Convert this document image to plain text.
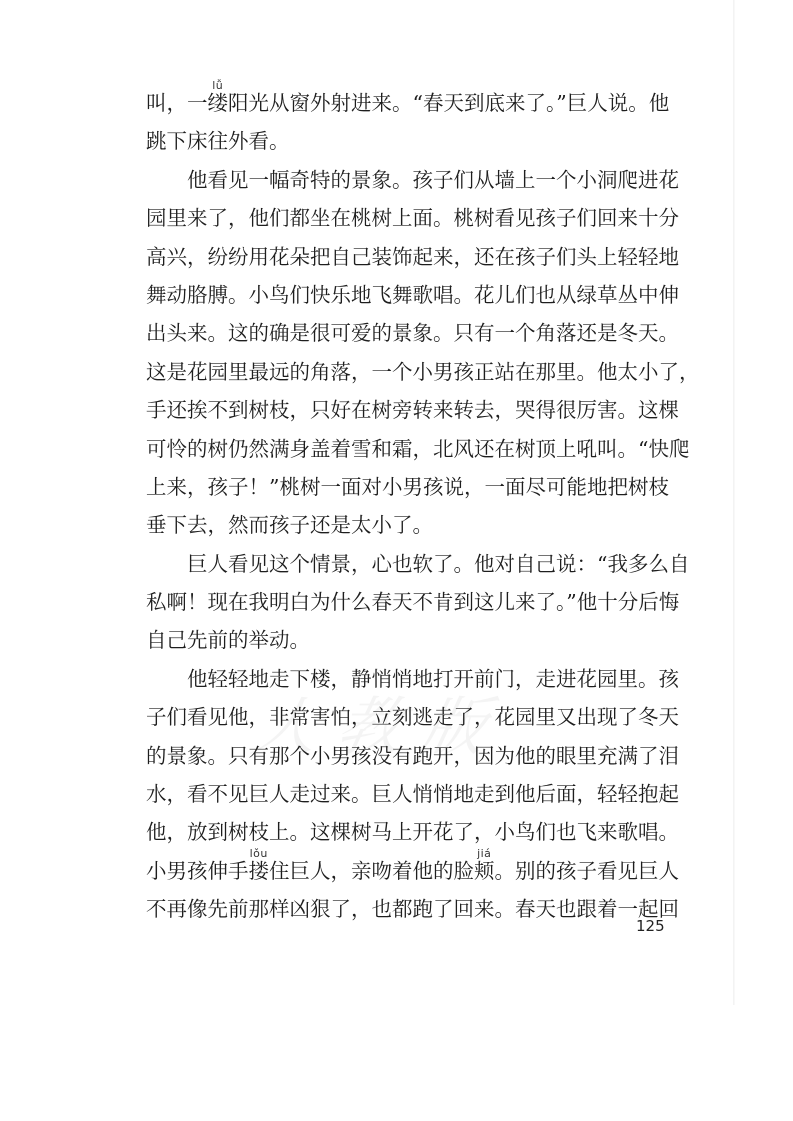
叫，一缕
lǚ
阳光从窗外射进来。“春天到底来了。”巨人说。他
跳下床往外看。
他看见一幅奇特的景象。孩子们从墙上一个小洞爬进花
园里来了，他们都坐在桃树上面。桃树看见孩子们回来十分
高兴，纷纷用花朵把自己装饰起来，还在孩子们头上轻轻地
舞动胳膊。小鸟们快乐地飞舞歌唱。花儿们也从绿草丛中伸
出头来。这的确是很可爱的景象。只有一个角落还是冬天。
这是花园里最远的角落，一个小男孩正站在那里。他太小了，
手还挨不到树枝，只好在树旁转来转去，哭得很厉害。这棵
可怜的树仍然满身盖着雪和霜，北风还在树顶上吼叫。“快爬
上来，孩子！”桃树一面对小男孩说，一面尽可能地把树枝
垂下去，然而孩子还是太小了。
巨人看见这个情景，心也软了。他对自己说：“我多么自
私啊！现在我明白为什么春天不肯到这儿来了。”他十分后悔
自己先前的举动。
他轻轻地走下楼，静悄悄地打开前门，走进花园里。孩
子们看见他，非常害怕，立刻逃走了，花园里又出现了冬天
的景象。只有那个小男孩没有跑开，因为他的眼里充满了泪
水，看不见巨人走过来。巨人悄悄地走到他后面，轻轻抱起
他，放到树枝上。这棵树马上开花了，小鸟们也飞来歌唱。
小男孩伸手搂
lǒu
住巨人，亲吻着他的脸颊
jiá
。别的孩子看见巨人
不再像先前那样凶狠了，也都跑了回来。春天也跟着一起回
125
